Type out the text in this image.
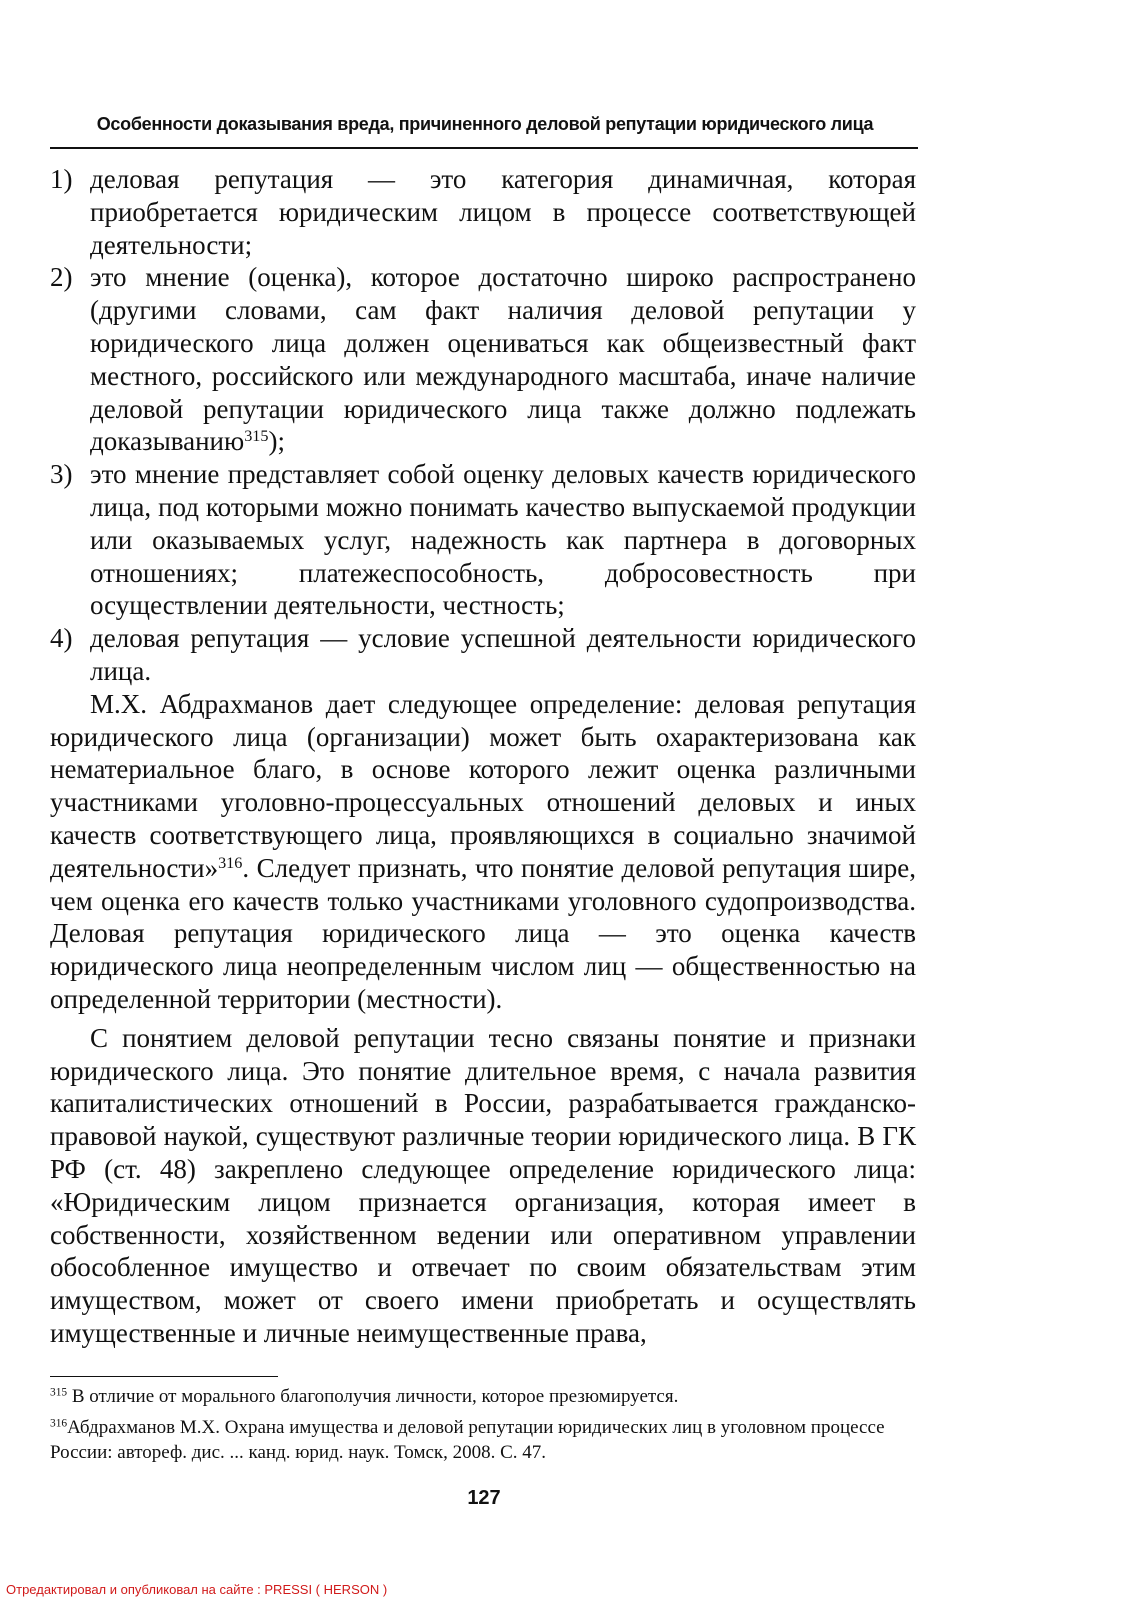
Особенности доказывания вреда, причиненного деловой репутации юридического лица
1) деловая репутация — это категория динамичная, которая приобретается юридическим лицом в процессе соответствующей деятельности;
2) это мнение (оценка), которое достаточно широко распространено (другими словами, сам факт наличия деловой репутации у юридического лица должен оцениваться как общеизвестный факт местного, российского или международного масштаба, иначе наличие деловой репутации юридического лица также должно подлежать доказыванию$^{315}$);
3) это мнение представляет собой оценку деловых качеств юридического лица, под которыми можно понимать качество выпускаемой продукции или оказываемых услуг, надежность как партнера в договорных отношениях; платежеспособность, добросовестность при осуществлении деятельности, честность;
4) деловая репутация — условие успешной деятельности юридического лица.

М.Х. Абдрахманов дает следующее определение: деловая репутация юридического лица (организации) может быть охарактеризована как нематериальное благо, в основе которого лежит оценка различными участниками уголовно-процессуальных отношений деловых и иных качеств соответствующего лица, проявляющихся в социально значимой деятельности»$^{316}$. Следует признать, что понятие деловой репутация шире, чем оценка его качеств только участниками уголовного судопроизводства. Деловая репутация юридического лица — это оценка качеств юридического лица неопределенным числом лиц — общественностью на определенной территории (местности).

С понятием деловой репутации тесно связаны понятие и признаки юридического лица. Это понятие длительное время, с начала развития капиталистических отношений в России, разрабатывается гражданско-правовой наукой, существуют различные теории юридического лица. В ГК РФ (ст. 48) закреплено следующее определение юридического лица: «Юридическим лицом признается организация, которая имеет в собственности, хозяйственном ведении или оперативном управлении обособленное имущество и отвечает по своим обязательствам этим имуществом, может от своего имени приобретать и осуществлять имущественные и личные неимущественные права,

$^{315}$ В отличие от морального благополучия личности, которое презюмируется.

$^{316}$Абдрахманов М.Х. Охрана имущества и деловой репутации юридических лиц в уголовном процессе России: автореф. дис. ... канд. юрид. наук. Томск, 2008. С. 47.

127
Отредактировал и опубликовал на сайте : PRESSI ( HERSON )
